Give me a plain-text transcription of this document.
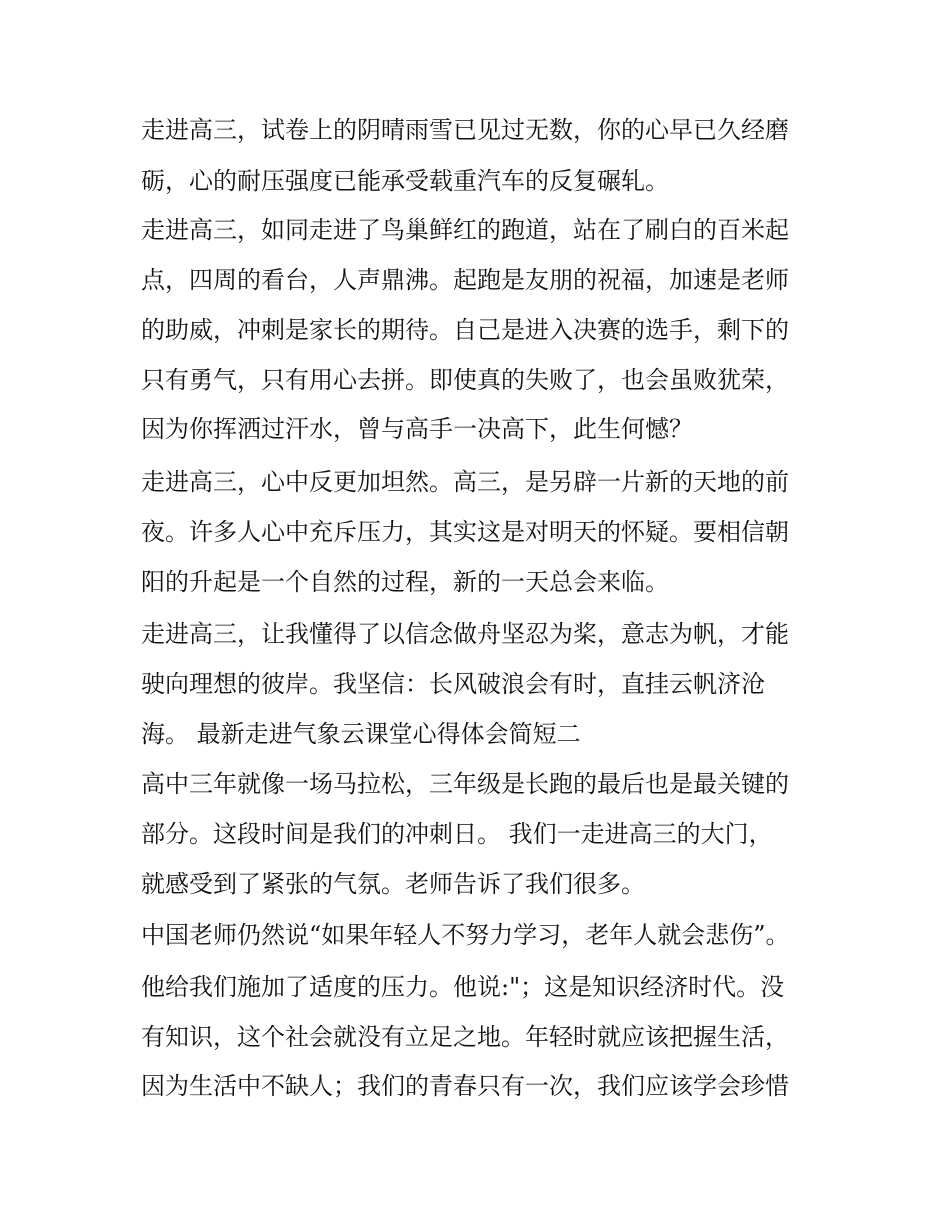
走进高三，试卷上的阴晴雨雪已见过无数，你的心早已久经磨
砺，心的耐压强度已能承受载重汽车的反复碾轧。
走进高三，如同走进了鸟巢鲜红的跑道，站在了刷白的百米起
点，四周的看台，人声鼎沸。起跑是友朋的祝福，加速是老师
的助威，冲刺是家长的期待。自己是进入决赛的选手，剩下的
只有勇气，只有用心去拼。即使真的失败了，也会虽败犹荣，
因为你挥洒过汗水，曾与高手一决高下，此生何憾？
走进高三，心中反更加坦然。高三，是另辟一片新的天地的前
夜。许多人心中充斥压力，其实这是对明天的怀疑。要相信朝
阳的升起是一个自然的过程，新的一天总会来临。
走进高三，让我懂得了以信念做舟坚忍为桨，意志为帆，才能
驶向理想的彼岸。我坚信：长风破浪会有时，直挂云帆济沧
海。 最新走进气象云课堂心得体会简短二
高中三年就像一场马拉松，三年级是长跑的最后也是最关键的
部分。这段时间是我们的冲刺日。 我们一走进高三的大门，
就感受到了紧张的气氛。老师告诉了我们很多。
中国老师仍然说“如果年轻人不努力学习，老年人就会悲伤”。
他给我们施加了适度的压力。他说:"；这是知识经济时代。没
有知识，这个社会就没有立足之地。年轻时就应该把握生活，
因为生活中不缺人；我们的青春只有一次，我们应该学会珍惜
